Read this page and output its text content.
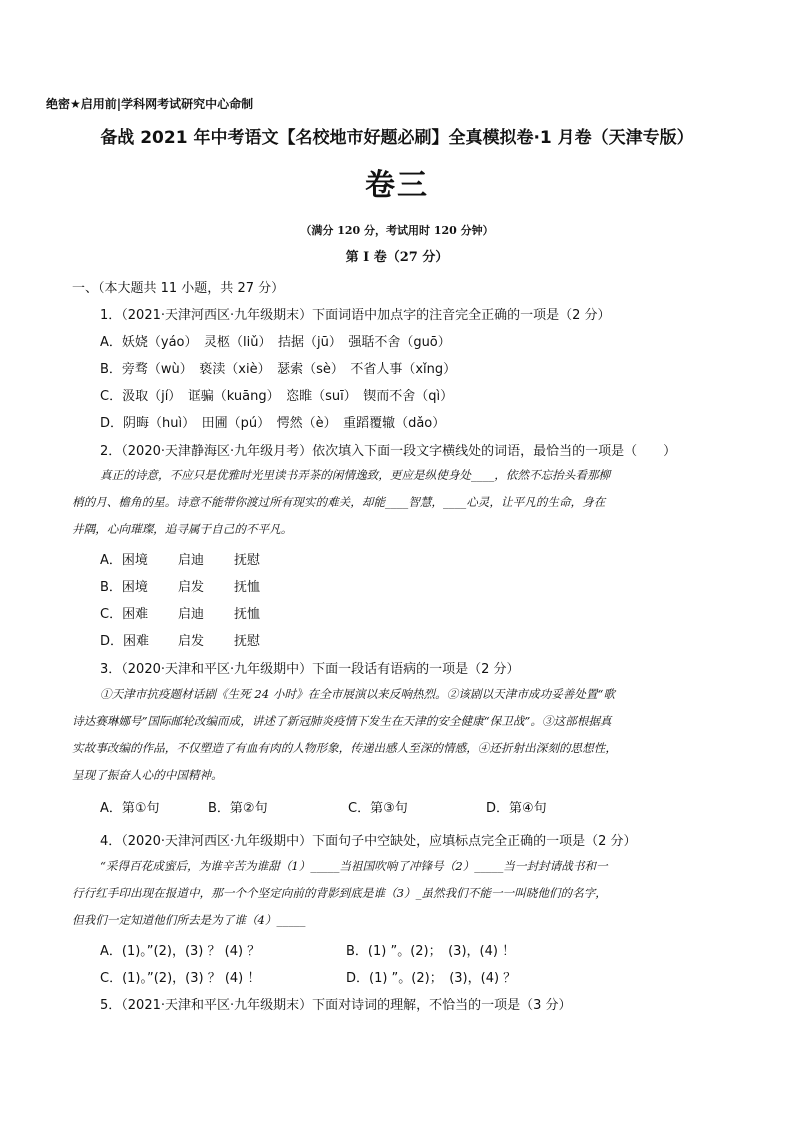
绝密★启用前|学科网考试研究中心命制
备战 2021 年中考语文【名校地市好题必刷】全真模拟卷·1 月卷（天津专版）
卷三
（满分 120 分，考试用时 120 分钟）
第 I 卷（27 分）
一、（本大题共 11 小题，共 27 分）
1．（2021·天津河西区·九年级期末）下面词语中加点字的注音完全正确的一项是（2 分）
A．妖娆（yáo）　灵柩（liǔ）　拮据（jū）　强聒不舍（guō）
B．旁骛（wù）　亵渎（xiè）　瑟索（sè）　不省人事（xǐng）
C．汲取（jí）　诓骗（kuāng）　恣睢（suī）　锲而不舍（qì）
D．阴晦（huì）　田圃（pú）　愕然（è）　重蹈覆辙（dǎo）
2．（2020·天津静海区·九年级月考）依次填入下面一段文字横线处的词语，最恰当的一项是（　　）
真正的诗意，不应只是优雅时光里读书弄茶的闲情逸致，更应是纵使身处____，依然不忘抬头看那柳
梢的月、檐角的星。诗意不能带你渡过所有现实的难关，却能____智慧，____心灵，让平凡的生命，身在
井隅，心向璀璨，追寻属于自己的不平凡。
A．困境 启迪 抚慰
B．困境 启发 抚恤
C．困难 启迪 抚恤
D．困难 启发 抚慰
3．（2020·天津和平区·九年级期中）下面一段话有语病的一项是（2 分）
①天津市抗疫题材话剧《生死 24 小时》在全市展演以来反响热烈。②该剧以天津市成功妥善处置“歌
诗达赛琳娜号”国际邮轮改编而成，讲述了新冠肺炎疫情下发生在天津的安全健康“保卫战”。③这部根据真
实故事改编的作品，不仅塑造了有血有肉的人物形象，传递出感人至深的情感，④还折射出深刻的思想性，
呈现了振奋人心的中国精神。
A．第①句	B．第②句	C．第③句	D．第④句
4．（2020·天津河西区·九年级期中）下面句子中空缺处，应填标点完全正确的一项是（2 分）
“采得百花成蜜后，为谁辛苦为谁甜（1）_____当祖国吹响了冲锋号（2）_____当一封封请战书和一
行行红手印出现在报道中，那一个个坚定向前的背影到底是谁（3）_虽然我们不能一一叫晓他们的名字，
但我们一定知道他们所去是为了谁（4）_____
A．(1)。”(2)，(3) ？ (4) ？	B．(1) ”。(2)；　(3)，(4) ！
C．(1)。”(2)，(3) ？ (4) ！	D．(1) ”。(2)；　(3)，(4) ？
5．（2021·天津和平区·九年级期末）下面对诗词的理解，不恰当的一项是（3 分）
